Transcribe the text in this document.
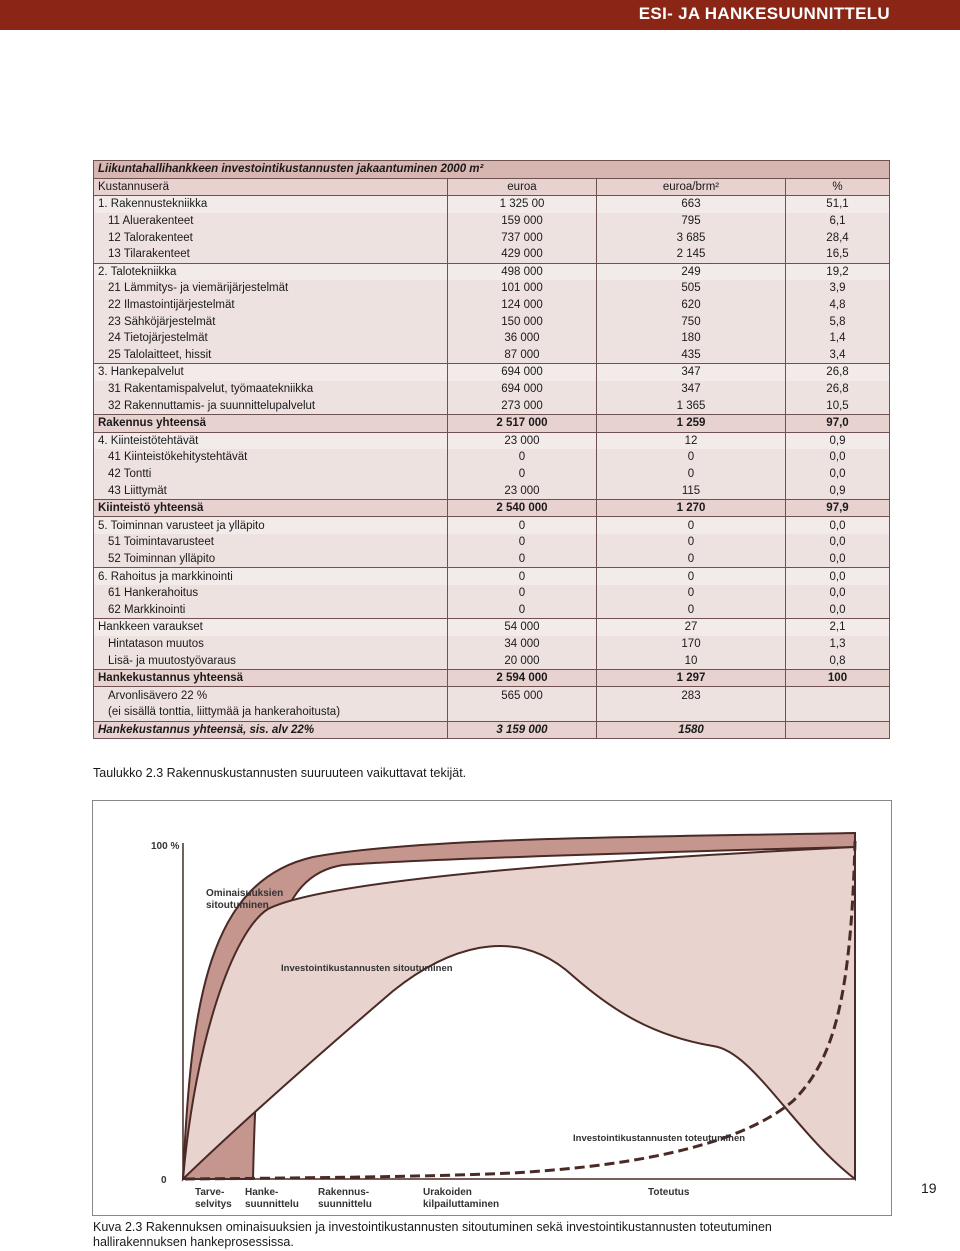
ESI- JA HANKESUUNNITTELU
Liikuntahallihankkeen investointikustannusten jakaantuminen 2000 m²			
Kustannuserä	euroa	euroa/brm²	%
1. Rakennustekniikka	1 325 00	663	51,1
11 Aluerakenteet	159 000	795	6,1
12 Talorakenteet	737 000	3 685	28,4
13 Tilarakenteet	429 000	2 145	16,5
2. Talotekniikka	498 000	249	19,2
21 Lämmitys- ja viemärijärjestelmät	101 000	505	3,9
22 Ilmastointijärjestelmät	124 000	620	4,8
23 Sähköjärjestelmät	150 000	750	5,8
24 Tietojärjestelmät	36 000	180	1,4
25 Talolaitteet, hissit	87 000	435	3,4
3. Hankepalvelut	694 000	347	26,8
31 Rakentamispalvelut, työmaatekniikka	694 000	347	26,8
32 Rakennuttamis- ja suunnittelupalvelut	273 000	1 365	10,5
Rakennus yhteensä	2 517 000	1 259	97,0
4. Kiinteistötehtävät	23 000	12	0,9
41 Kiinteistökehitystehtävät	0	0	0,0
42 Tontti	0	0	0,0
43 Liittymät	23 000	115	0,9
Kiinteistö yhteensä	2 540 000	1 270	97,9
5. Toiminnan varusteet ja ylläpito	0	0	0,0
51 Toimintavarusteet	0	0	0,0
52 Toiminnan ylläpito	0	0	0,0
6. Rahoitus ja markkinointi	0	0	0,0
61 Hankerahoitus	0	0	0,0
62 Markkinointi	0	0	0,0
Hankkeen varaukset	54 000	27	2,1
Hintatason muutos	34 000	170	1,3
Lisä- ja muutostyövaraus	20 000	10	0,8
Hankekustannus yhteensä	2 594 000	1 297	100
Arvonlisävero 22 %	565 000	283	
(ei sisällä tonttia, liittymää ja hankerahoitusta)			
Hankekustannus yhteensä, sis. alv 22%	3 159 000	1580	
Taulukko 2.3 Rakennuskustannusten suuruuteen vaikuttavat tekijät.
100 %
0
Ominaisuuksien
sitoutuminen
Investointikustannusten sitoutuminen
Investointikustannusten toteutuminen
Tarve-
selvitys
Hanke-
suunnittelu
Rakennus-
suunnittelu
Urakoiden
kilpailuttaminen
Toteutus	19
Kuva 2.3 Rakennuksen ominaisuuksien ja investointikustannusten sitoutuminen sekä investointikustannusten toteutuminen hallirakennuksen hankeprosessissa.
